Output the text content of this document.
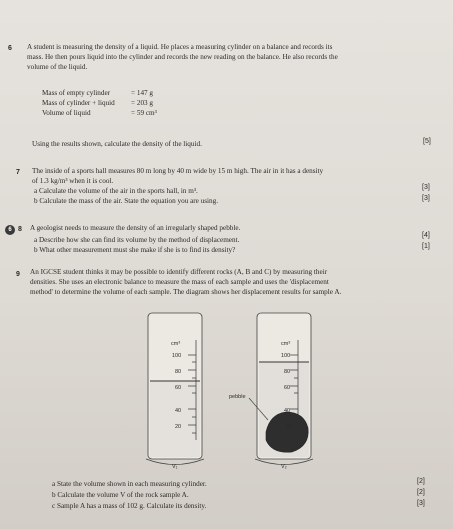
6 A student is measuring the density of a liquid. He places a measuring cylinder on a balance and records its
mass. He then pours liquid into the cylinder and records the new reading on the balance. He also records the
volume of the liquid.
Mass of empty cylinder	= 147 g
Mass of cylinder + liquid = 203 g
Volume of liquid	= 59 cm³
Using the results shown, calculate the density of the liquid.	[5]
7 The inside of a sports hall measures 80 m long by 40 m wide by 15 m high. The air in it has a density
of 1.3 kg/m³ when it is cool.
a Calculate the volume of the air in the sports hall, in m³.	[3]
b Calculate the mass of the air. State the equation you are using.	[3]
6 8 A geologist needs to measure the density of an irregularly shaped pebble.
a Describe how she can find its volume by the method of displacement.
[4]
b What other measurement must she make if she is to find its density?	[1]
9 An IGCSE student thinks it may be possible to identify different rocks (A, B and C) by measuring their
densities. She uses an electronic balance to measure the mass of each sample and uses the 'displacement
method' to determine the volume of each sample. The diagram shows her displacement results for sample A.
cm³
100
80
60
40
20
V₁
cm³
100
80
60
40
20
V₂
pebble
a State the volume shown in each measuring cylinder.	[2]
b Calculate the volume V of the rock sample A.	[2]
c Sample A has a mass of 102 g. Calculate its density.	[3]
